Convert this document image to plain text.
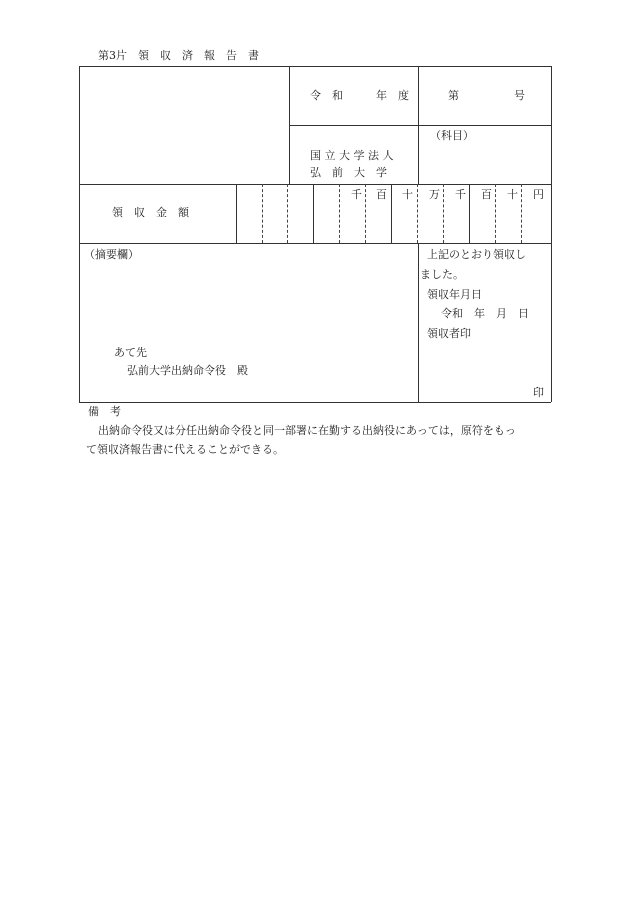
第3片　領　収　済　報　告　書
令　和　　　年　度	第　　　　　号
（科目）
国 立 大 学 法 人
弘　前　大　学
領　収　金　額
千 百 十 万 千 百 十 円
（摘要欄）
あて先
弘前大学出納命令役　殿
上記のとおり領収し
ました。
領収年月日
令和　年　月　日
領収者印
印
備　考
出納命令役又は分任出納命令役と同一部署に在勤する出納役にあっては，原符をもっ
て領収済報告書に代えることができる。
